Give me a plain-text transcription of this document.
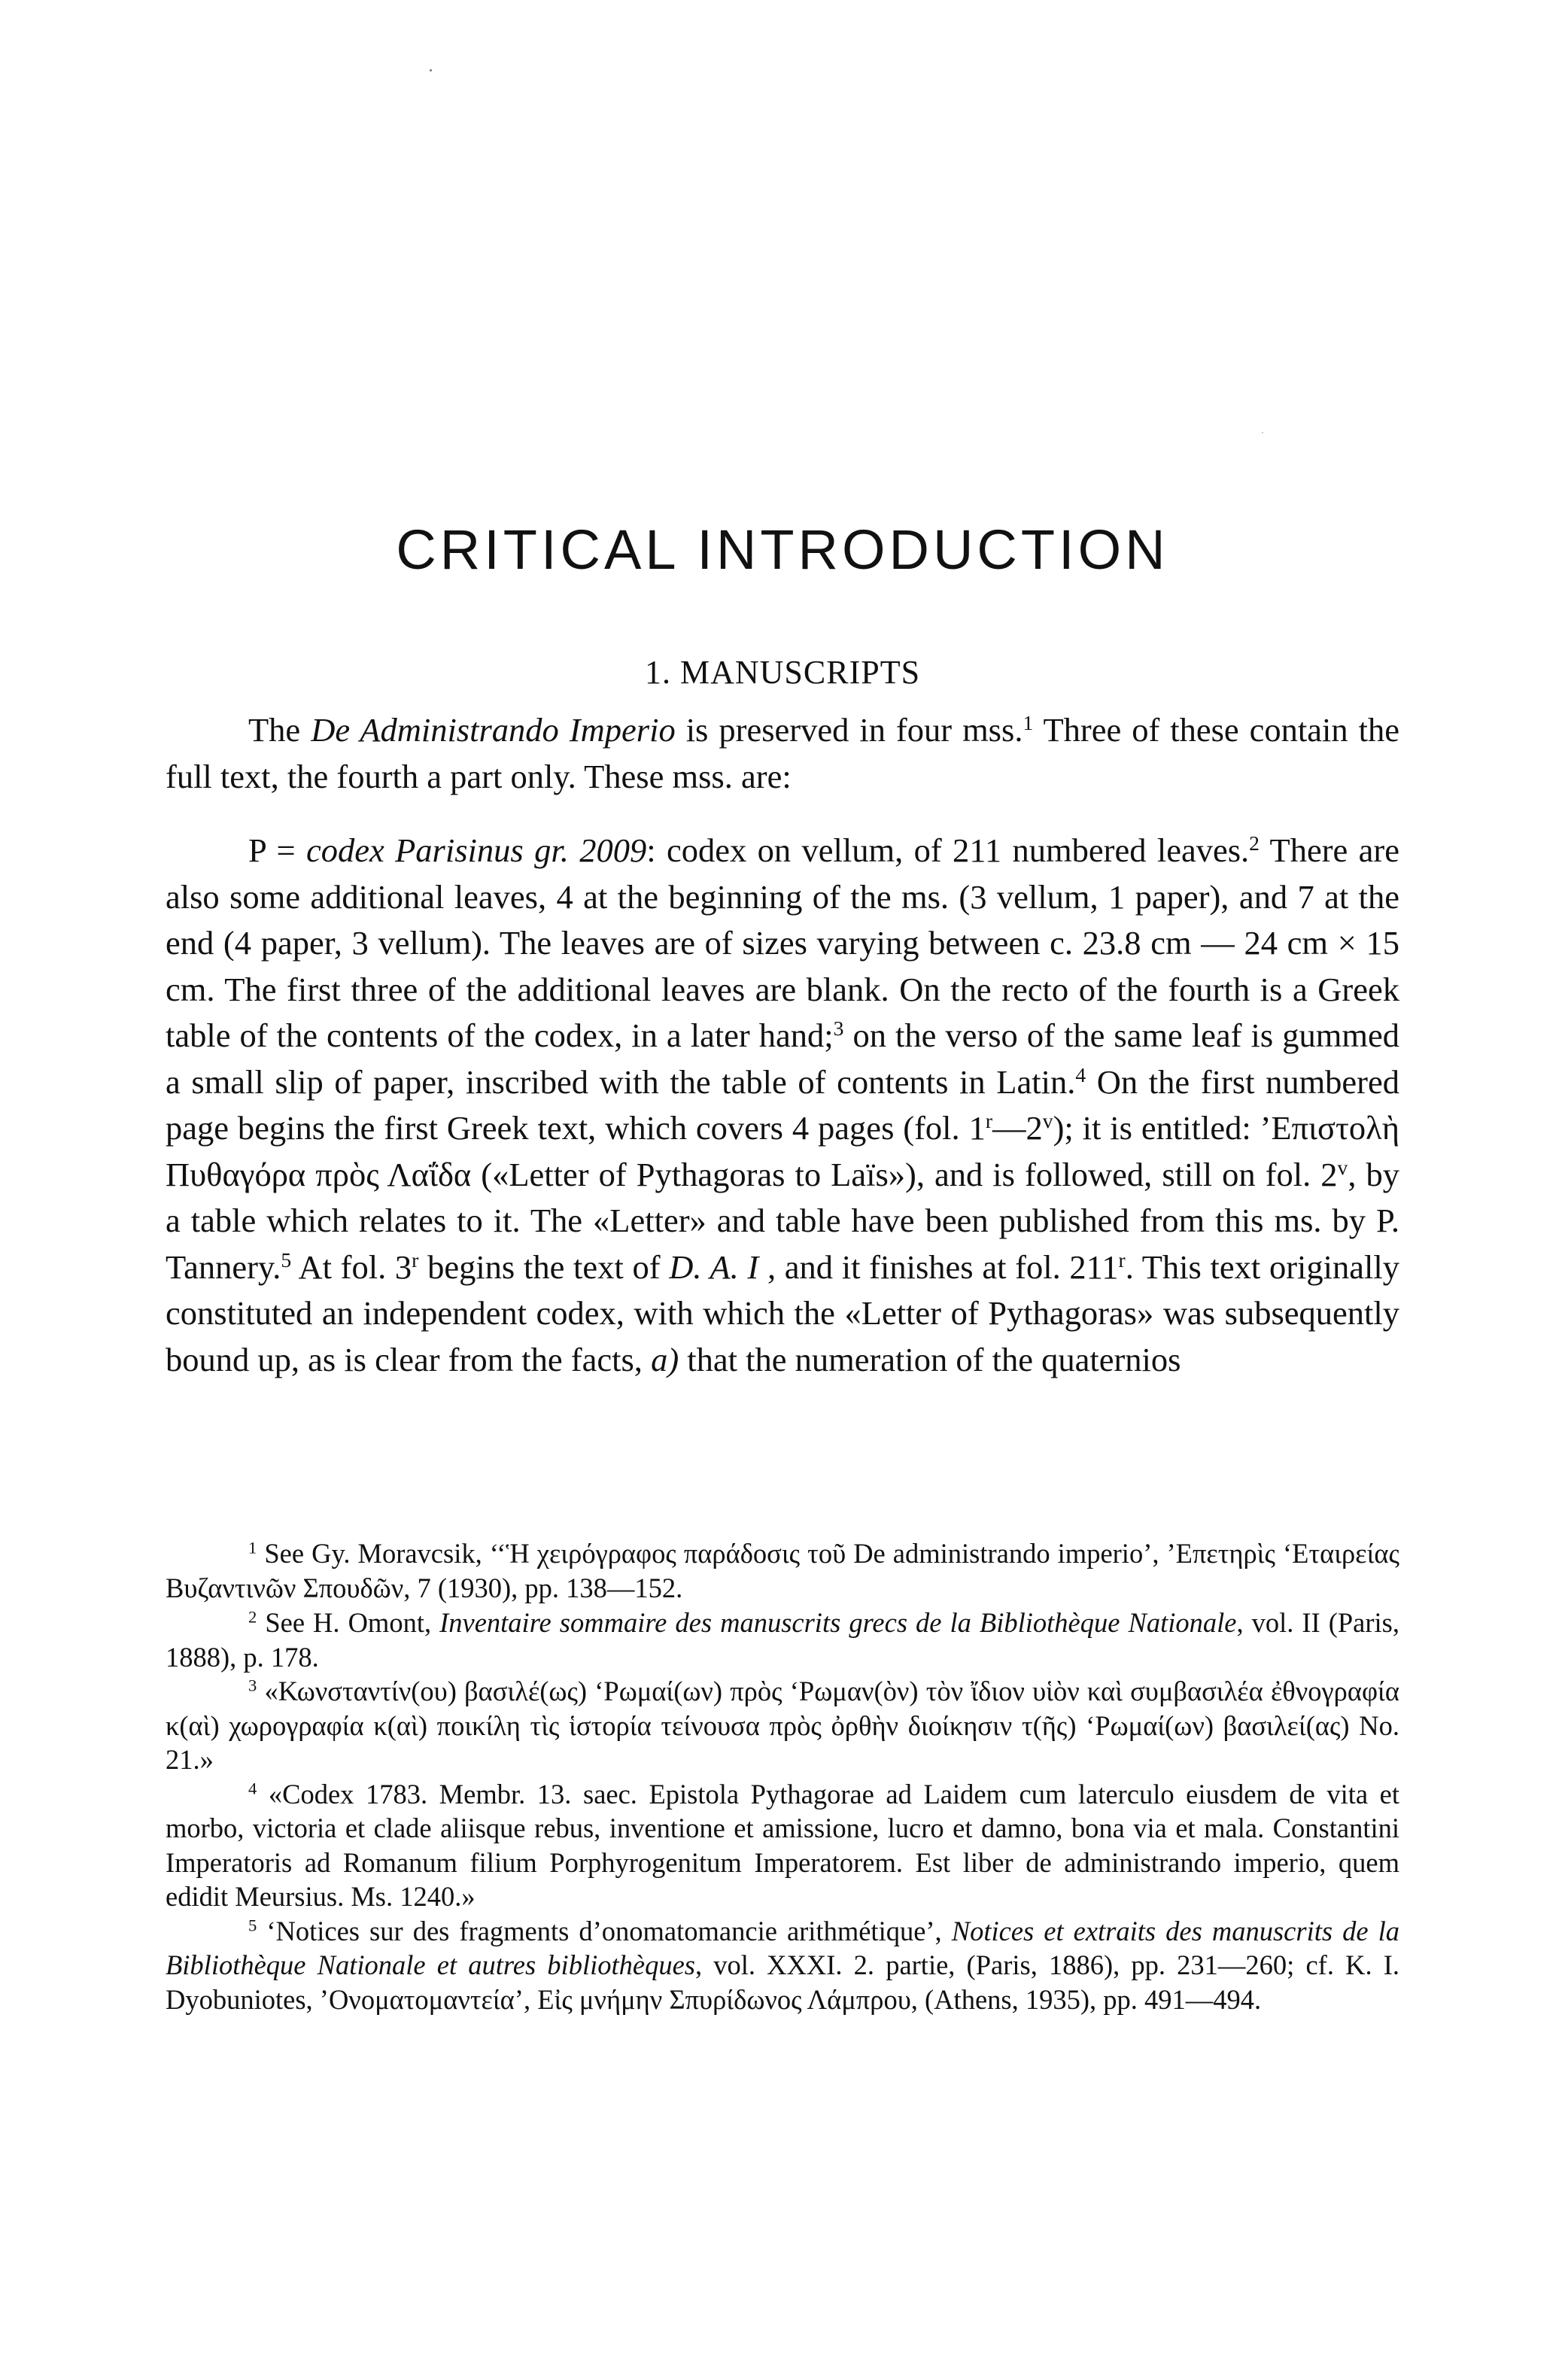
CRITICAL INTRODUCTION
1. MANUSCRIPTS

The De Administrando Imperio is preserved in four mss.$^1$ Three of these contain the full text, the fourth a part only. These mss. are:

P = codex Parisinus gr. 2009: codex on vellum, of 211 numbered leaves.$^2$ There are also some additional leaves, 4 at the beginning of the ms. (3 vellum, 1 paper), and 7 at the end (4 paper, 3 vellum). The leaves are of sizes varying between c. 23.8 cm — 24 cm × 15 cm. The first three of the additional leaves are blank. On the recto of the fourth is a Greek table of the contents of the codex, in a later hand;$^3$ on the verso of the same leaf is gummed a small slip of paper, inscribed with the table of contents in Latin.$^4$ On the first numbered page begins the first Greek text, which covers 4 pages (fol. 1$^r$—2$^v$); it is entitled: ’Επιστολὴ Πυθαγόρα πρὸς Λαΐδα («Letter of Pythagoras to Laïs»), and is followed, still on fol. 2$^v$, by a table which relates to it. The «Letter» and table have been published from this ms. by P. Tannery.$^5$ At fol. 3$^r$ begins the text of D. A. I , and it finishes at fol. 211$^r$. This text originally constituted an independent codex, with which the «Letter of Pythagoras» was subsequently bound up, as is clear from the facts, a) that the numeration of the quaternios

$^1$ See Gy. Moravcsik, ‘‘Ἡ χειρόγραφος παράδοσις τοῦ De administrando imperio’, ’Επετηρὶς ‘Εταιρείας Βυζαντινῶν Σπουδῶν, 7 (1930), pp. 138—152.

$^2$ See H. Omont, Inventaire sommaire des manuscrits grecs de la Bibliothèque Nationale, vol. II (Paris, 1888), p. 178.

$^3$ «Κωνσταντίν(ου) βασιλέ(ως) ‘Ρωμαί(ων) πρὸς ‘Ρωμαν(ὸν) τὸν ἴδιον υἱὸν καὶ συμβασιλέα ἐθνογραφία κ(αὶ) χωρογραφία κ(αὶ) ποικίλη τὶς ἱστορία τείνουσα πρὸς ὀρθὴν διοίκησιν τ(ῆς) ‘Ρωμαί(ων) βασιλεί(ας) No. 21.»

$^4$ «Codex 1783. Membr. 13. saec. Epistola Pythagorae ad Laidem cum laterculo eiusdem de vita et morbo, victoria et clade aliisque rebus, inventione et amissione, lucro et damno, bona via et mala. Constantini Imperatoris ad Romanum filium Porphyrogenitum Imperatorem. Est liber de administrando imperio, quem edidit Meursius. Ms. 1240.»

$^5$ ‘Notices sur des fragments d’onomatomancie arithmétique’, Notices et extraits des manuscrits de la Bibliothèque Nationale et autres bibliothèques, vol. XXXI. 2. partie, (Paris, 1886), pp. 231—260; cf. K. I. Dyobuniotes, ’Ονοματομαντεία’, Εἰς μνήμην Σπυρίδωνος Λάμπρου, (Athens, 1935), pp. 491—494.
